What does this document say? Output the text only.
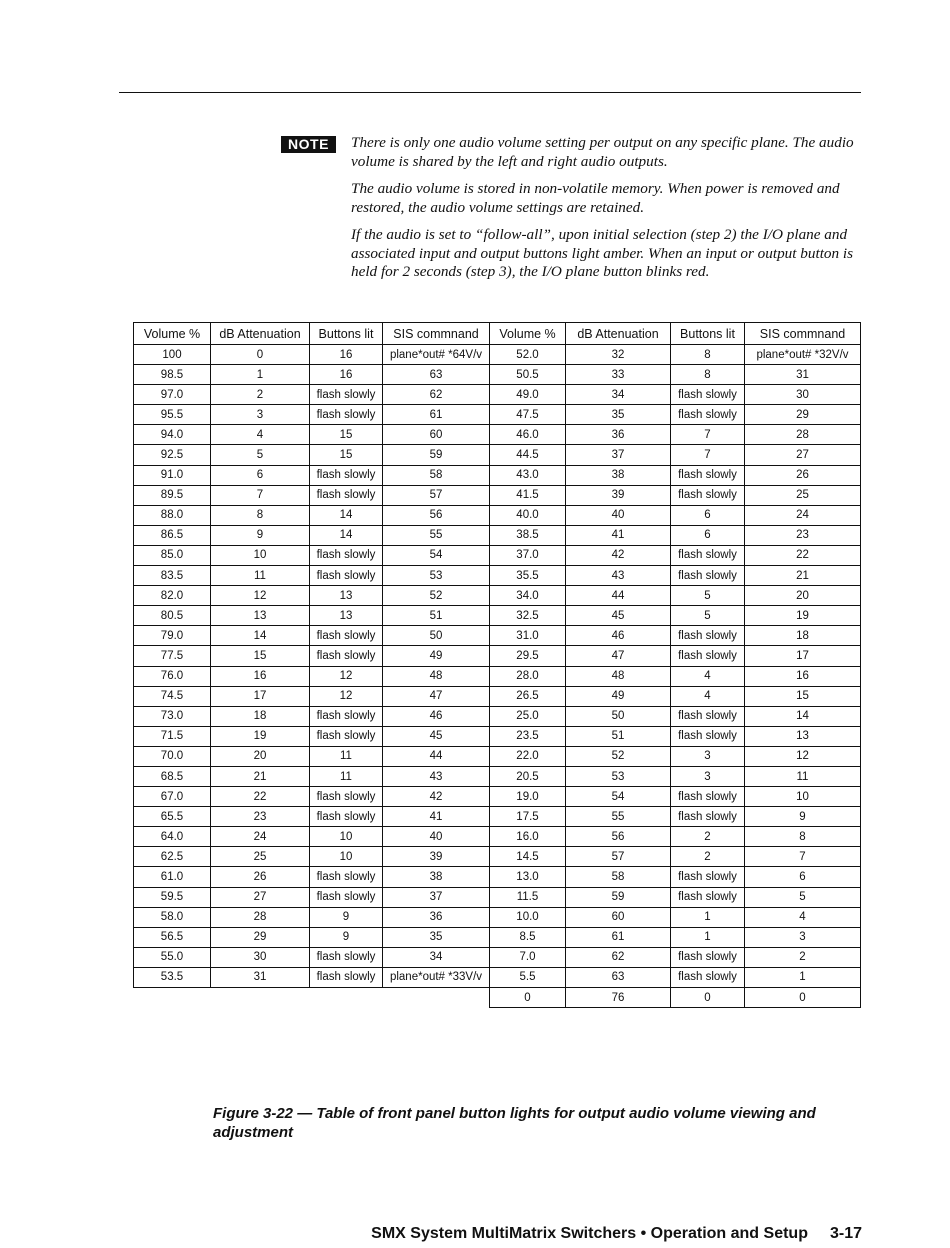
NOTE	There is only one audio volume setting per output on any specific plane. The audio volume is shared by the left and right audio outputs.

The audio volume is stored in non-volatile memory. When power is removed and restored, the audio volume settings are retained.

If the audio is set to “follow-all”, upon initial selection (step 2) the I/O plane and associated input and output buttons light amber. When an input or output button is held for 2 seconds (step 3), the I/O plane button blinks red.

Volume %	dB Attenuation	Buttons lit	SIS commnand	Volume %	dB Attenuation	Buttons lit	SIS commnand
100	0	16	plane*out# *64V/v	52.0	32	8	plane*out# *32V/v
98.5	1	16	63	50.5	33	8	31
97.0	2	flash slowly	62	49.0	34	flash slowly	30
95.5	3	flash slowly	61	47.5	35	flash slowly	29
94.0	4	15	60	46.0	36	7	28
92.5	5	15	59	44.5	37	7	27
91.0	6	flash slowly	58	43.0	38	flash slowly	26
89.5	7	flash slowly	57	41.5	39	flash slowly	25
88.0	8	14	56	40.0	40	6	24
86.5	9	14	55	38.5	41	6	23
85.0	10	flash slowly	54	37.0	42	flash slowly	22
83.5	11	flash slowly	53	35.5	43	flash slowly	21
82.0	12	13	52	34.0	44	5	20
80.5	13	13	51	32.5	45	5	19
79.0	14	flash slowly	50	31.0	46	flash slowly	18
77.5	15	flash slowly	49	29.5	47	flash slowly	17
76.0	16	12	48	28.0	48	4	16
74.5	17	12	47	26.5	49	4	15
73.0	18	flash slowly	46	25.0	50	flash slowly	14
71.5	19	flash slowly	45	23.5	51	flash slowly	13
70.0	20	11	44	22.0	52	3	12
68.5	21	11	43	20.5	53	3	11
67.0	22	flash slowly	42	19.0	54	flash slowly	10
65.5	23	flash slowly	41	17.5	55	flash slowly	9
64.0	24	10	40	16.0	56	2	8
62.5	25	10	39	14.5	57	2	7
61.0	26	flash slowly	38	13.0	58	flash slowly	6
59.5	27	flash slowly	37	11.5	59	flash slowly	5
58.0	28	9	36	10.0	60	1	4
56.5	29	9	35	8.5	61	1	3
55.0	30	flash slowly	34	7.0	62	flash slowly	2
53.5	31	flash slowly	plane*out# *33V/v	5.5	63	flash slowly	1
				0	76	0	0
Figure 3-22 — Table of front panel button lights for output audio volume viewing and adjustment
SMX System MultiMatrix Switchers • Operation and Setup 3-17
